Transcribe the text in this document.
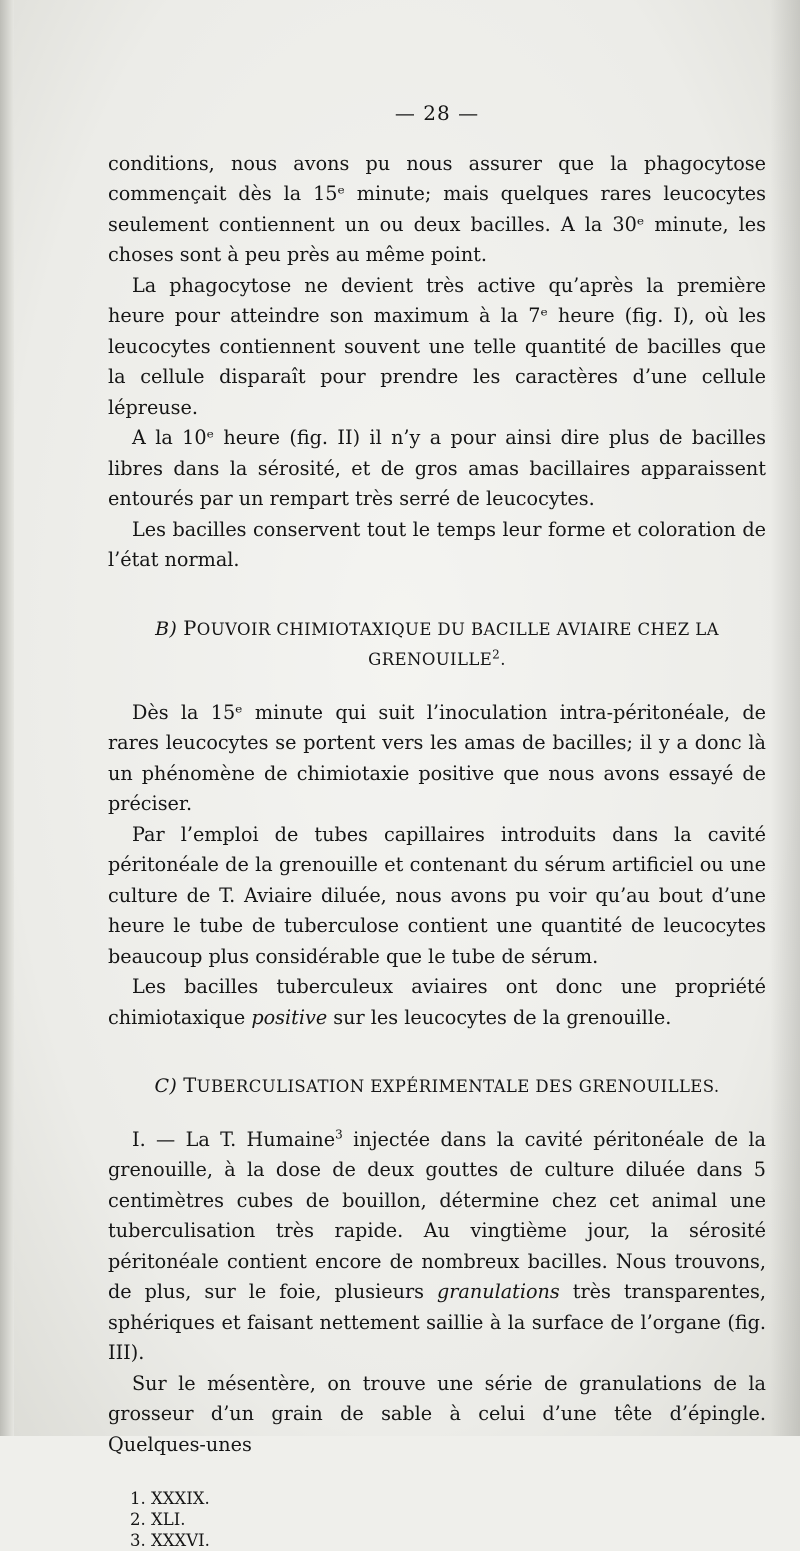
— 28 —

conditions, nous avons pu nous assurer que la phagocytose commençait dès la 15ᵉ minute; mais quelques rares leucocytes seulement contiennent un ou deux bacilles. A la 30ᵉ minute, les choses sont à peu près au même point.

La phagocytose ne devient très active qu’après la première heure pour atteindre son maximum à la 7ᵉ heure (fig. I), où les leucocytes contiennent souvent une telle quantité de bacilles que la cellule disparaît pour prendre les caractères d’une cellule lépreuse.

A la 10ᵉ heure (fig. II) il n’y a pour ainsi dire plus de bacilles libres dans la sérosité, et de gros amas bacillaires apparaissent entourés par un rempart très serré de leucocytes.

Les bacilles conservent tout le temps leur forme et coloration de l’état normal.

B) POUVOIR CHIMIOTAXIQUE DU BACILLE AVIAIRE CHEZ LA GRENOUILLE$^2$.

Dès la 15ᵉ minute qui suit l’inoculation intra-péritonéale, de rares leucocytes se portent vers les amas de bacilles; il y a donc là un phénomène de chimiotaxie positive que nous avons essayé de préciser.

Par l’emploi de tubes capillaires introduits dans la cavité péritonéale de la grenouille et contenant du sérum artificiel ou une culture de T. Aviaire diluée, nous avons pu voir qu’au bout d’une heure le tube de tuberculose contient une quantité de leucocytes beaucoup plus considérable que le tube de sérum.

Les bacilles tuberculeux aviaires ont donc une propriété chimiotaxique positive sur les leucocytes de la grenouille.

C) TUBERCULISATION EXPÉRIMENTALE DES GRENOUILLES.

I. — La T. Humaine$^3$ injectée dans la cavité péritonéale de la grenouille, à la dose de deux gouttes de culture diluée dans 5 centimètres cubes de bouillon, détermine chez cet animal une tuberculisation très rapide. Au vingtième jour, la sérosité péritonéale contient encore de nombreux bacilles. Nous trouvons, de plus, sur le foie, plusieurs granulations très transparentes, sphériques et faisant nettement saillie à la surface de l’organe (fig. III).

Sur le mésentère, on trouve une série de granulations de la grosseur d’un grain de sable à celui d’une tête d’épingle. Quelques-unes

1. XXXIX.
2. XLI.
3. XXXVI.
